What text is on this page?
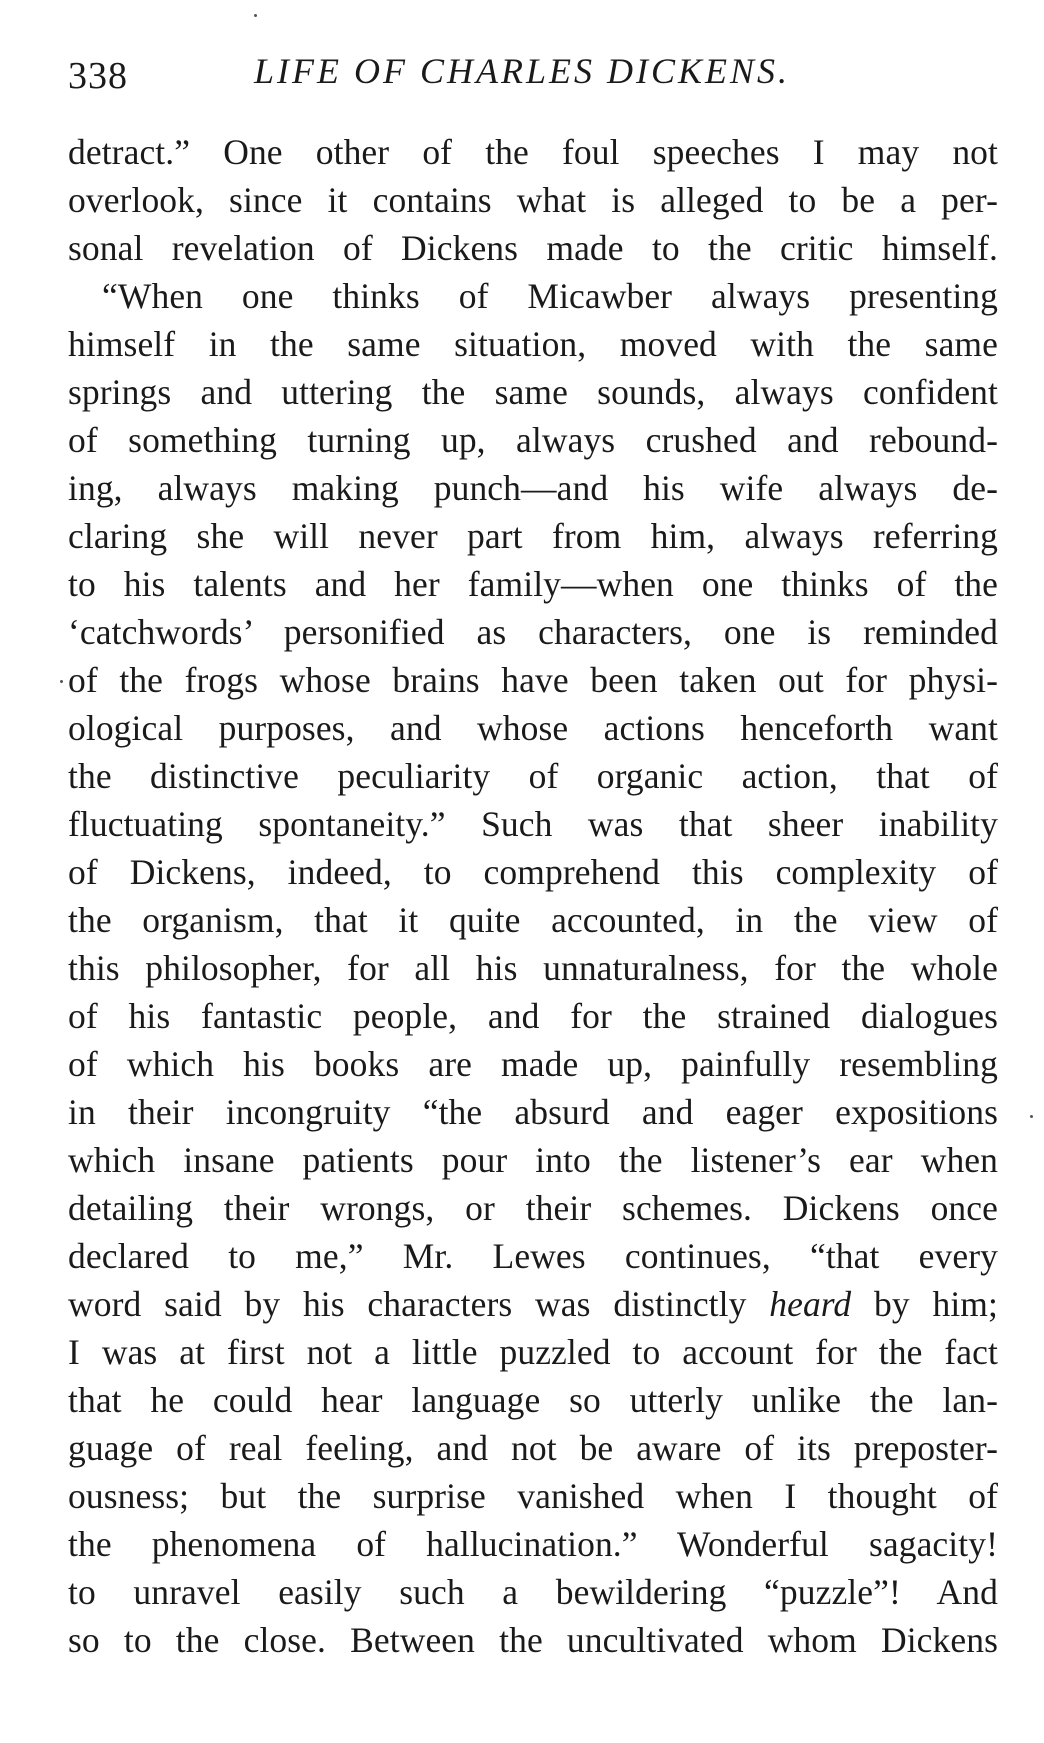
338	LIFE OF CHARLES DICKENS.
detract.” One other of the foul speeches I may not
overlook, since it contains what is alleged to be a per-
sonal revelation of Dickens made to the critic himself.
“When one thinks of Micawber always presenting
himself in the same situation, moved with the same
springs and uttering the same sounds, always confident
of something turning up, always crushed and rebound-
ing, always making punch—and his wife always de-
claring she will never part from him, always referring
to his talents and her family—when one thinks of the
‘catchwords’ personified as characters, one is reminded
of the frogs whose brains have been taken out for physi-
ological purposes, and whose actions henceforth want
the distinctive peculiarity of organic action, that of
fluctuating spontaneity.” Such was that sheer inability
of Dickens, indeed, to comprehend this complexity of
the organism, that it quite accounted, in the view of
this philosopher, for all his unnaturalness, for the whole
of his fantastic people, and for the strained dialogues
of which his books are made up, painfully resembling
in their incongruity “the absurd and eager expositions
which insane patients pour into the listener’s ear when
detailing their wrongs, or their schemes. Dickens once
declared to me,” Mr. Lewes continues, “that every
word said by his characters was distinctly heard by him;
I was at first not a little puzzled to account for the fact
that he could hear language so utterly unlike the lan-
guage of real feeling, and not be aware of its preposter-
ousness; but the surprise vanished when I thought of
the phenomena of hallucination.” Wonderful sagacity!
to unravel easily such a bewildering “puzzle”! And
so to the close. Between the uncultivated whom Dickens
